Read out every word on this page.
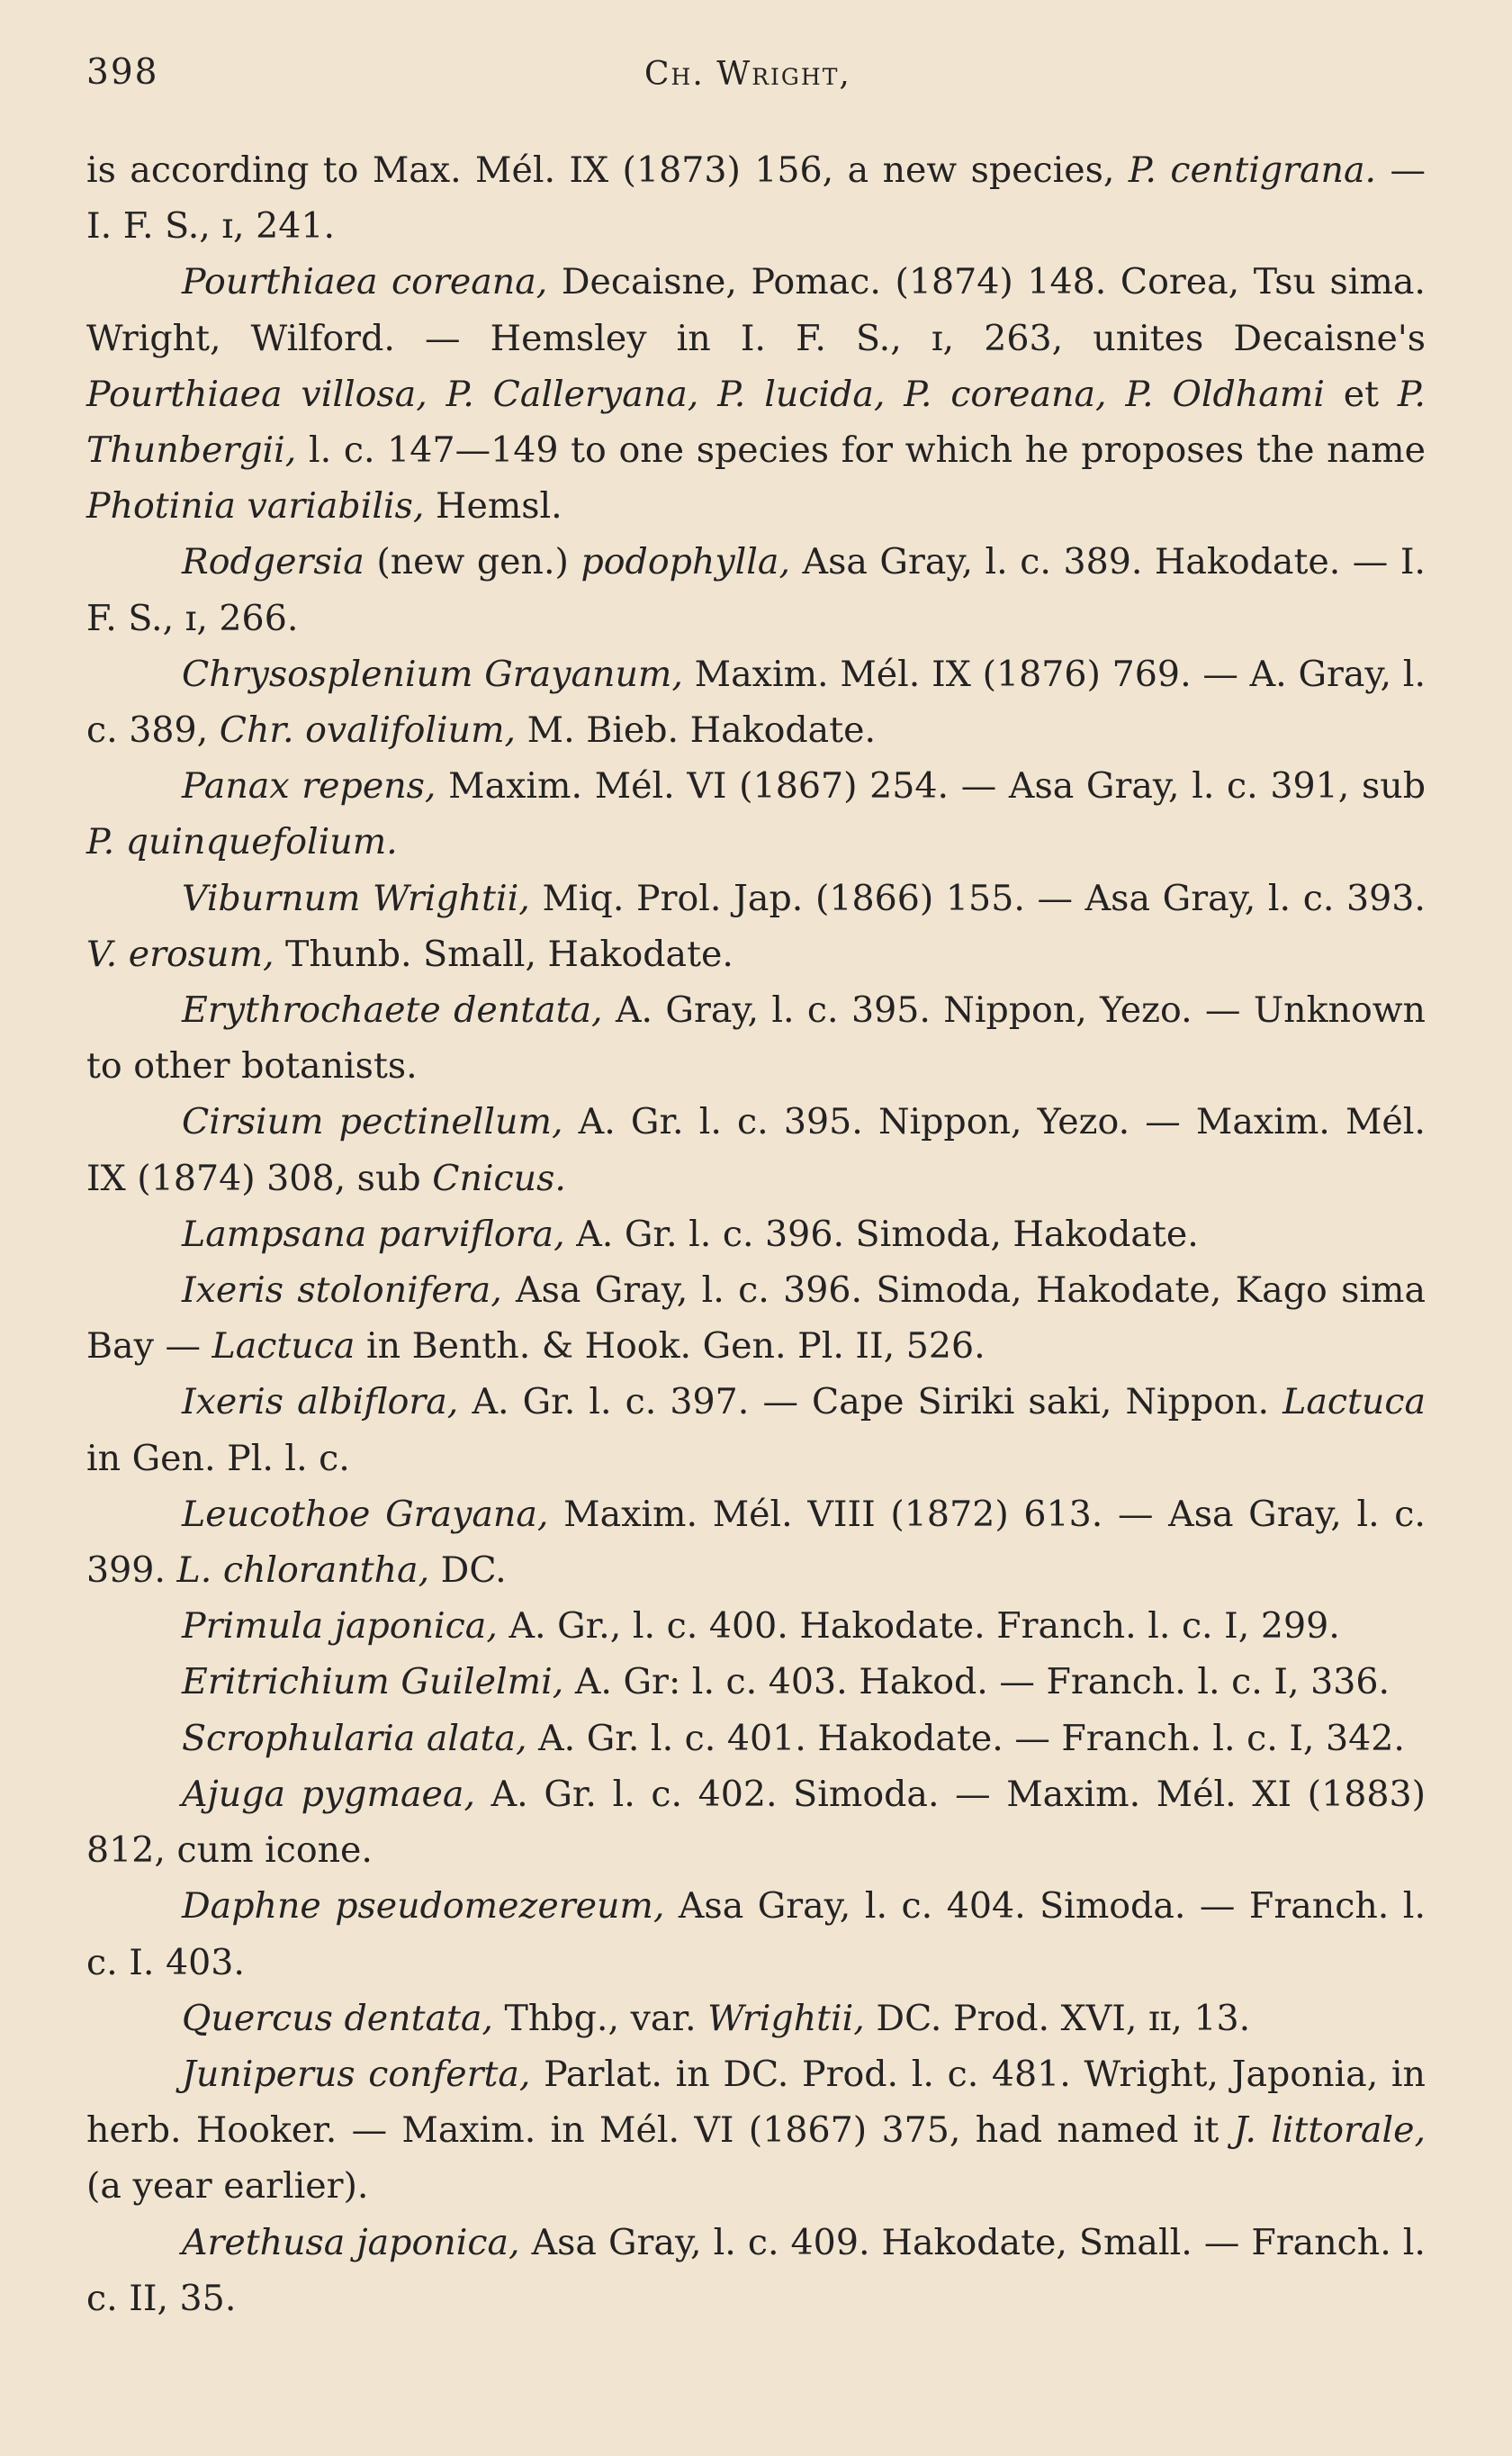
398	Ch. Wright,

is according to Max. Mél. IX (1873) 156, a new species, P. centigrana. — I. F. S., ɪ, 241.

Pourthiaea coreana, Decaisne, Pomac. (1874) 148. Corea, Tsu sima. Wright, Wilford. — Hemsley in I. F. S., ɪ, 263, unites Decaisne's Pourthiaea villosa, P. Calleryana, P. lucida, P. coreana, P. Oldhami et P. Thunbergii, l. c. 147—149 to one species for which he proposes the name Photinia variabilis, Hemsl.

Rodgersia (new gen.) podophylla, Asa Gray, l. c. 389. Hakodate. — I. F. S., ɪ, 266.

Chrysosplenium Grayanum, Maxim. Mél. IX (1876) 769. — A. Gray, l. c. 389, Chr. ovalifolium, M. Bieb. Hakodate.

Panax repens, Maxim. Mél. VI (1867) 254. — Asa Gray, l. c. 391, sub P. quinquefolium.

Viburnum Wrightii, Miq. Prol. Jap. (1866) 155. — Asa Gray, l. c. 393. V. erosum, Thunb. Small, Hakodate.

Erythrochaete dentata, A. Gray, l. c. 395. Nippon, Yezo. — Unknown to other botanists.

Cirsium pectinellum, A. Gr. l. c. 395. Nippon, Yezo. — Maxim. Mél. IX (1874) 308, sub Cnicus.

Lampsana parviflora, A. Gr. l. c. 396. Simoda, Hakodate.

Ixeris stolonifera, Asa Gray, l. c. 396. Simoda, Hakodate, Kago sima Bay — Lactuca in Benth. & Hook. Gen. Pl. II, 526.

Ixeris albiflora, A. Gr. l. c. 397. — Cape Siriki saki, Nippon. Lactuca in Gen. Pl. l. c.

Leucothoe Grayana, Maxim. Mél. VIII (1872) 613. — Asa Gray, l. c. 399. L. chlorantha, DC.

Primula japonica, A. Gr., l. c. 400. Hakodate. Franch. l. c. I, 299.

Eritrichium Guilelmi, A. Gr: l. c. 403. Hakod. — Franch. l. c. I, 336.

Scrophularia alata, A. Gr. l. c. 401. Hakodate. — Franch. l. c. I, 342.

Ajuga pygmaea, A. Gr. l. c. 402. Simoda. — Maxim. Mél. XI (1883) 812, cum icone.

Daphne pseudomezereum, Asa Gray, l. c. 404. Simoda. — Franch. l. c. I. 403.

Quercus dentata, Thbg., var. Wrightii, DC. Prod. XVI, ɪɪ, 13.

Juniperus conferta, Parlat. in DC. Prod. l. c. 481. Wright, Japonia, in herb. Hooker. — Maxim. in Mél. VI (1867) 375, had named it J. littorale, (a year earlier).

Arethusa japonica, Asa Gray, l. c. 409. Hakodate, Small. — Franch. l. c. II, 35.
